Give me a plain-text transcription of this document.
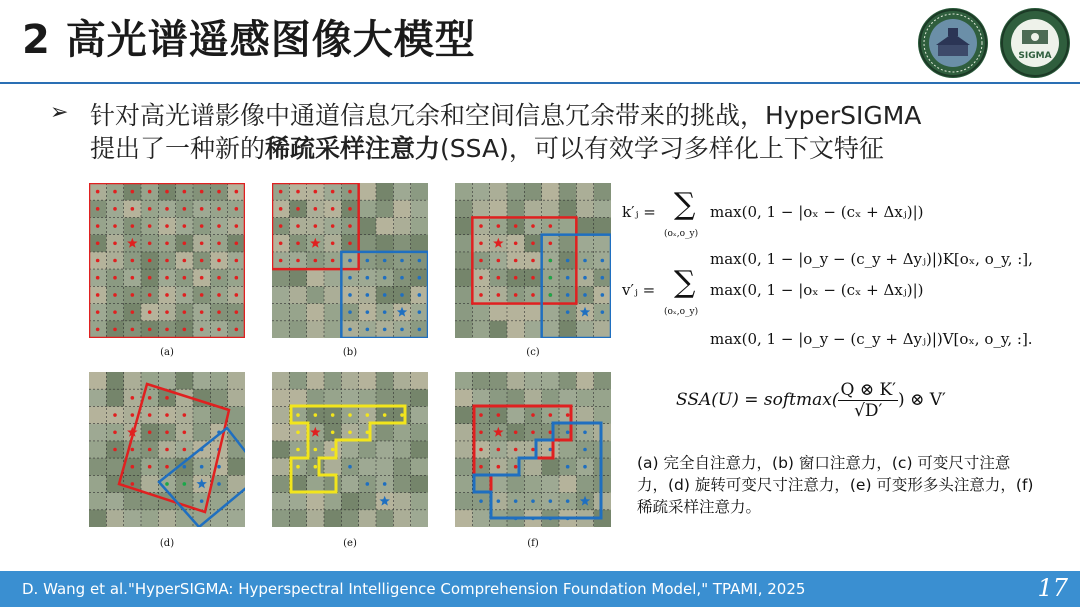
2 高光谱遥感图像大模型	SIGMA
➢ 针对高光谱影像中通道信息冗余和空间信息冗余带来的挑战，HyperSIGMA
提出了一种新的稀疏采样注意力(SSA)，可以有效学习多样化上下文特征
(a)	(b)	(c)
(d)	(e)	(f)
k′ⱼ = ∑
(oₓ,o_y)
max(0, 1 − |oₓ − (cₓ + Δxⱼ)|)
max(0, 1 − |o_y − (c_y + Δyⱼ)|)K[oₓ, o_y, :],
v′ⱼ = ∑
(oₓ,o_y)
max(0, 1 − |oₓ − (cₓ + Δxⱼ)|)
max(0, 1 − |o_y − (c_y + Δyⱼ)|)V[oₓ, o_y, :].
SSA(U) = softmax( $\frac{Q \otimes K'}{√D'}$ ) ⊗ V′
(a) 完全自注意力，(b) 窗口注意力，(c) 可变尺寸注意力，(d) 旋转可变尺寸注意力，(e) 可变形多头注意力，(f) 稀疏采样注意力。
D. Wang et al."HyperSIGMA: Hyperspectral Intelligence Comprehension Foundation Model," TPAMI, 2025	17
